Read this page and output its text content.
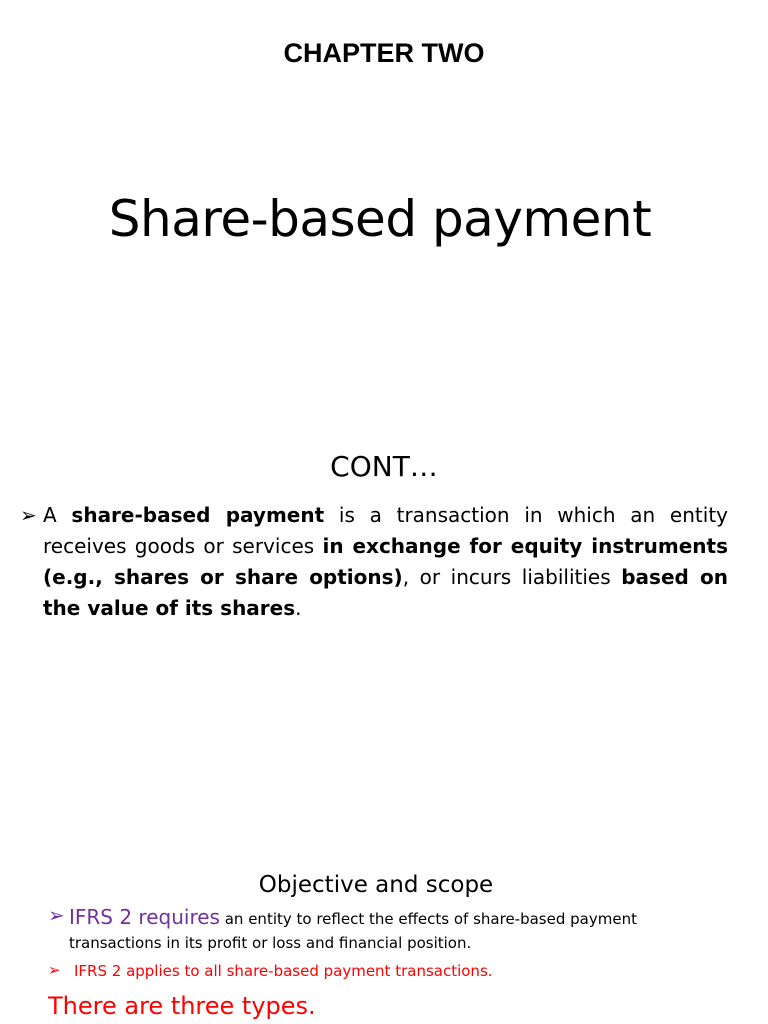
CHAPTER TWO
Share-based payment
CONT…
➢ A share-based payment is a transaction in which an entity receives goods or services in exchange for equity instruments (e.g., shares or share options), or incurs liabilities based on the value of its shares.
Objective and scope
➢ IFRS 2 requires an entity to reflect the effects of share-based payment transactions in its profit or loss and financial position.
➢ IFRS 2 applies to all share-based payment transactions.
There are three types.
